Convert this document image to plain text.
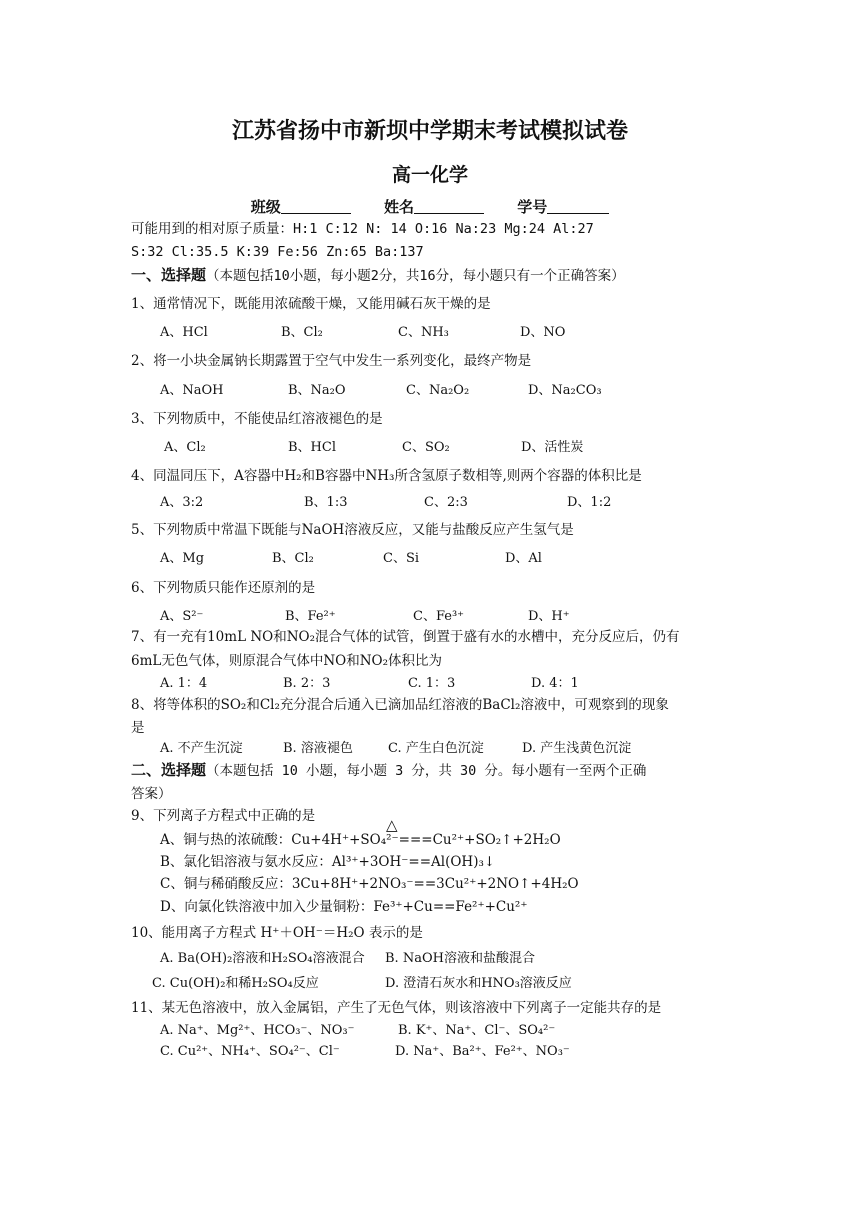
江苏省扬中市新坝中学期末考试模拟试卷
高一化学
班级	姓名	学号
可能用到的相对原子质量：H:1 C:12 N: 14 O:16 Na:23 Mg:24 Al:27
S:32 Cl:35.5 K:39 Fe:56 Zn:65 Ba:137
一、选择题（本题包括10小题，每小题2分，共16分，每小题只有一个正确答案）
1、通常情况下，既能用浓硫酸干燥，又能用碱石灰干燥的是
A、HCl	B、Cl₂	C、NH₃	D、NO
2、将一小块金属钠长期露置于空气中发生一系列变化，最终产物是
A、NaOH	B、Na₂O	C、Na₂O₂	D、Na₂CO₃
3、下列物质中，不能使品红溶液褪色的是
A、Cl₂	B、HCl	C、SO₂	D、活性炭
4、同温同压下，A容器中H₂和B容器中NH₃所含氢原子数相等,则两个容器的体积比是
A、3:2	B、1:3	C、2:3	D、1:2
5、下列物质中常温下既能与NaOH溶液反应，又能与盐酸反应产生氢气是
A、Mg	B、Cl₂	C、Si	D、Al
6、下列物质只能作还原剂的是
A、S²⁻	B、Fe²⁺	C、Fe³⁺	D、H⁺
7、有一充有10mL NO和NO₂混合气体的试管，倒置于盛有水的水槽中，充分反应后，仍有
6mL无色气体，则原混合气体中NO和NO₂体积比为
A. 1：4	B. 2：3	C. 1：3	D. 4：1
8、将等体积的SO₂和Cl₂充分混合后通入已滴加品红溶液的BaCl₂溶液中，可观察到的现象
是
A. 不产生沉淀	B. 溶液褪色	C. 产生白色沉淀	D. 产生浅黄色沉淀
二、选择题（本题包括 10 小题，每小题 3 分，共 30 分。每小题有一至两个正确
答案）
9、下列离子方程式中正确的是	△
A、铜与热的浓硫酸：Cu+4H⁺+SO₄²⁻===Cu²⁺+SO₂↑+2H₂O
B、氯化铝溶液与氨水反应：Al³⁺+3OH⁻==Al(OH)₃↓
C、铜与稀硝酸反应：3Cu+8H⁺+2NO₃⁻==3Cu²⁺+2NO↑+4H₂O
D、向氯化铁溶液中加入少量铜粉：Fe³⁺+Cu==Fe²⁺+Cu²⁺
10、能用离子方程式 H⁺＋OH⁻＝H₂O 表示的是
A. Ba(OH)₂溶液和H₂SO₄溶液混合 B. NaOH溶液和盐酸混合
C. Cu(OH)₂和稀H₂SO₄反应	D. 澄清石灰水和HNO₃溶液反应
11、某无色溶液中，放入金属铝，产生了无色气体，则该溶液中下列离子一定能共存的是
A. Na⁺、Mg²⁺、HCO₃⁻、NO₃⁻	B. K⁺、Na⁺、Cl⁻、SO₄²⁻
C. Cu²⁺、NH₄⁺、SO₄²⁻、Cl⁻	D. Na⁺、Ba²⁺、Fe²⁺、NO₃⁻
